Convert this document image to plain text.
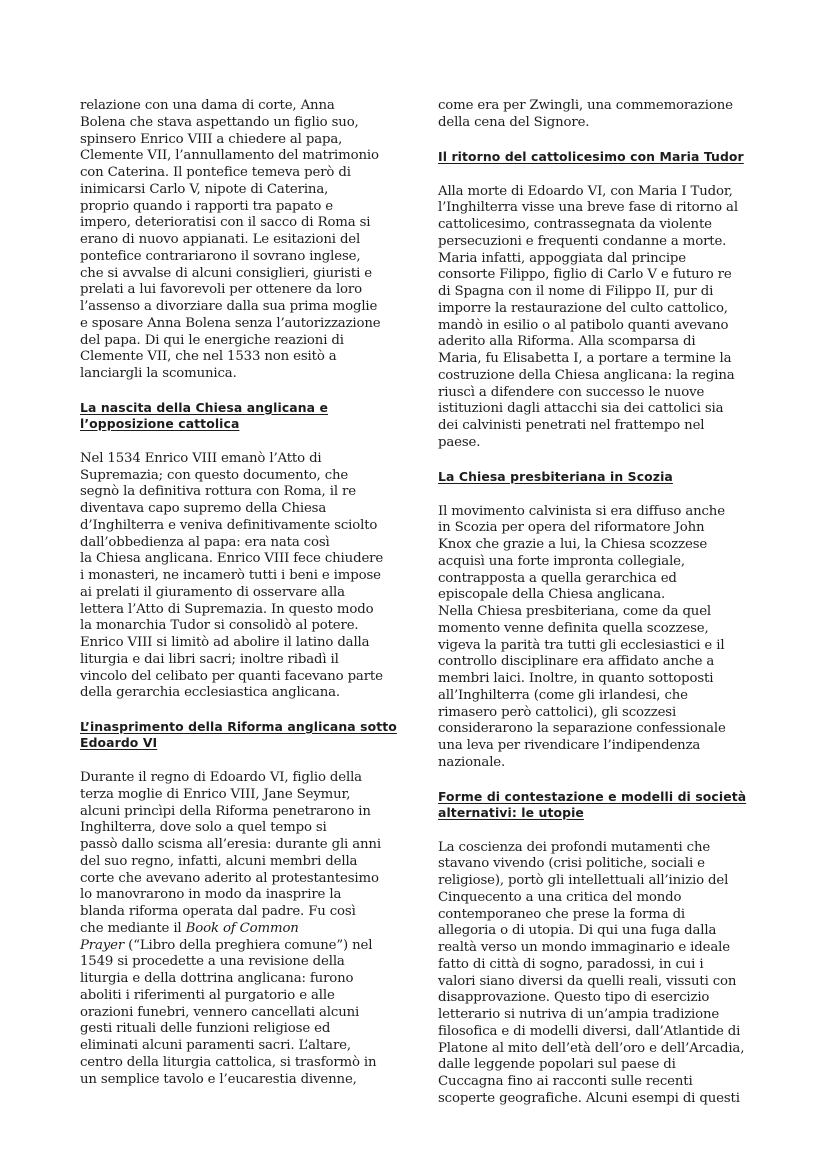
relazione con una dama di corte, Anna
Bolena che stava aspettando un figlio suo,
spinsero Enrico VIII a chiedere al papa,
Clemente VII, l’annullamento del matrimonio
con Caterina. Il pontefice temeva però di
inimicarsi Carlo V, nipote di Caterina,
proprio quando i rapporti tra papato e
impero, deterioratisi con il sacco di Roma si
erano di nuovo appianati. Le esitazioni del
pontefice contrariarono il sovrano inglese,
che si avvalse di alcuni consiglieri, giuristi e
prelati a lui favorevoli per ottenere da loro
l’assenso a divorziare dalla sua prima moglie
e sposare Anna Bolena senza l’autorizzazione
del papa. Di qui le energiche reazioni di
Clemente VII, che nel 1533 non esitò a
lanciargli la scomunica.

La nascita della Chiesa anglicana e
l’opposizione cattolica

Nel 1534 Enrico VIII emanò l’Atto di
Supremazia; con questo documento, che
segnò la definitiva rottura con Roma, il re
diventava capo supremo della Chiesa
d’Inghilterra e veniva definitivamente sciolto
dall’obbedienza al papa: era nata così
la Chiesa anglicana. Enrico VIII fece chiudere
i monasteri, ne incamerò tutti i beni e impose
ai prelati il giuramento di osservare alla
lettera l’Atto di Supremazia. In questo modo
la monarchia Tudor si consolidò al potere.
Enrico VIII si limitò ad abolire il latino dalla
liturgia e dai libri sacri; inoltre ribadì il
vincolo del celibato per quanti facevano parte
della gerarchia ecclesiastica anglicana.

L’inasprimento della Riforma anglicana sotto
Edoardo VI

Durante il regno di Edoardo VI, figlio della
terza moglie di Enrico VIII, Jane Seymur,
alcuni princìpi della Riforma penetrarono in
Inghilterra, dove solo a quel tempo si
passò dallo scisma all’eresia: durante gli anni
del suo regno, infatti, alcuni membri della
corte che avevano aderito al protestantesimo
lo manovrarono in modo da inasprire la
blanda riforma operata dal padre. Fu così
che mediante il Book of Common
Prayer (“Libro della preghiera comune”) nel
1549 si procedette a una revisione della
liturgia e della dottrina anglicana: furono
aboliti i riferimenti al purgatorio e alle
orazioni funebri, vennero cancellati alcuni
gesti rituali delle funzioni religiose ed
eliminati alcuni paramenti sacri. L’altare,
centro della liturgia cattolica, si trasformò in
un semplice tavolo e l’eucarestia divenne,

come era per Zwingli, una commemorazione
della cena del Signore.

Il ritorno del cattolicesimo con Maria Tudor

Alla morte di Edoardo VI, con Maria I Tudor,
l’Inghilterra visse una breve fase di ritorno al
cattolicesimo, contrassegnata da violente
persecuzioni e frequenti condanne a morte.
Maria infatti, appoggiata dal principe
consorte Filippo, figlio di Carlo V e futuro re
di Spagna con il nome di Filippo II, pur di
imporre la restaurazione del culto cattolico,
mandò in esilio o al patibolo quanti avevano
aderito alla Riforma. Alla scomparsa di
Maria, fu Elisabetta I, a portare a termine la
costruzione della Chiesa anglicana: la regina
riuscì a difendere con successo le nuove
istituzioni dagli attacchi sia dei cattolici sia
dei calvinisti penetrati nel frattempo nel
paese.

La Chiesa presbiteriana in Scozia

Il movimento calvinista si era diffuso anche
in Scozia per opera del riformatore John
Knox che grazie a lui, la Chiesa scozzese
acquisì una forte impronta collegiale,
contrapposta a quella gerarchica ed
episcopale della Chiesa anglicana.
Nella Chiesa presbiteriana, come da quel
momento venne definita quella scozzese,
vigeva la parità tra tutti gli ecclesiastici e il
controllo disciplinare era affidato anche a
membri laici. Inoltre, in quanto sottoposti
all’Inghilterra (come gli irlandesi, che
rimasero però cattolici), gli scozzesi
considerarono la separazione confessionale
una leva per rivendicare l’indipendenza
nazionale.

Forme di contestazione e modelli di società
alternativi: le utopie

La coscienza dei profondi mutamenti che
stavano vivendo (crisi politiche, sociali e
religiose), portò gli intellettuali all’inizio del
Cinquecento a una critica del mondo
contemporaneo che prese la forma di
allegoria o di utopia. Di qui una fuga dalla
realtà verso un mondo immaginario e ideale
fatto di città di sogno, paradossi, in cui i
valori siano diversi da quelli reali, vissuti con
disapprovazione. Questo tipo di esercizio
letterario si nutriva di un’ampia tradizione
filosofica e di modelli diversi, dall’Atlantide di
Platone al mito dell’età dell’oro e dell’Arcadia,
dalle leggende popolari sul paese di
Cuccagna fino ai racconti sulle recenti
scoperte geografiche. Alcuni esempi di questi
